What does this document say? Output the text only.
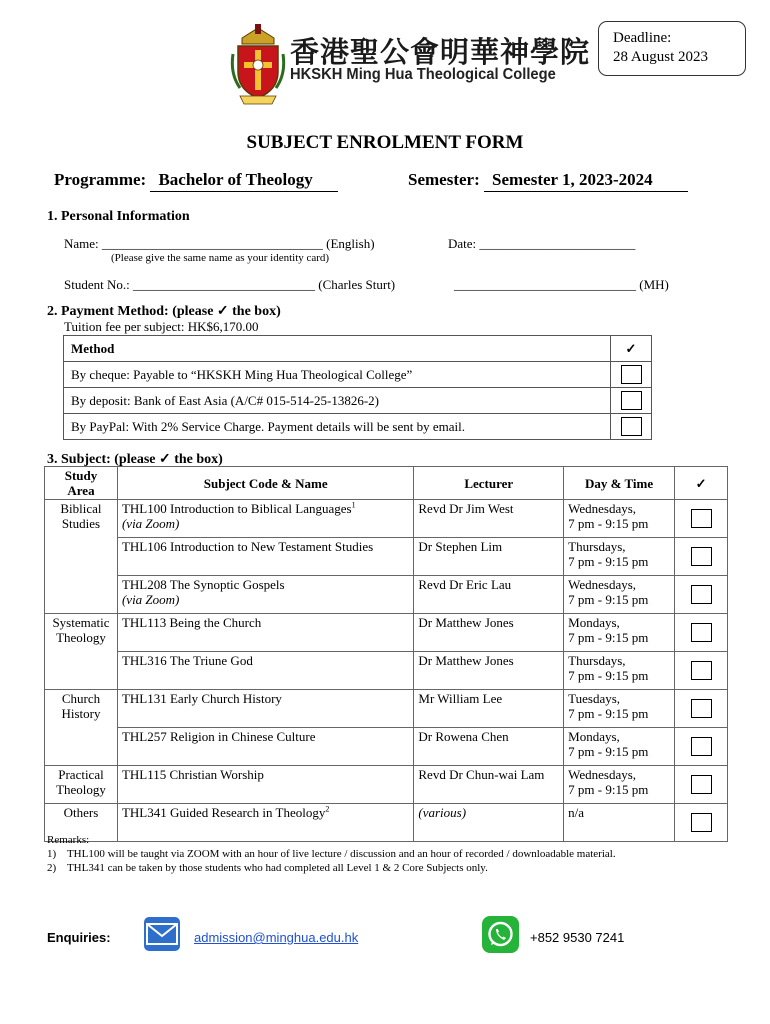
香港聖公會明華神學院
HKSKH Ming Hua Theological College
Deadline:
28 August 2023
SUBJECT ENROLMENT FORM
Programme: Bachelor of Theology	Semester: Semester 1, 2023-2024
1. Personal Information
Name: __________________________________ (English)	Date: ________________________
(Please give the same name as your identity card)
Student No.: ____________________________ (Charles Sturt)	____________________________ (MH)
2. Payment Method: (please ✓ the box)
Tuition fee per subject: HK$6,170.00
Method	✓
By cheque: Payable to “HKSKH Ming Hua Theological College”	
By deposit: Bank of East Asia (A/C# 015-514-25-13826-2)	
By PayPal: With 2% Service Charge. Payment details will be sent by email.	
3. Subject: (please ✓ the box)
Study
Area	Subject Code & Name	Lecturer	Day & Time	✓
Biblical
Studies	THL100 Introduction to Biblical Languages$^1$
(via Zoom)	Revd Dr Jim West	Wednesdays,
7 pm - 9:15 pm	
	THL106 Introduction to New Testament Studies	Dr Stephen Lim	Thursdays,
7 pm - 9:15 pm	
	THL208 The Synoptic Gospels
(via Zoom)	Revd Dr Eric Lau	Wednesdays,
7 pm - 9:15 pm	
Systematic
Theology	THL113 Being the Church	Dr Matthew Jones	Mondays,
7 pm - 9:15 pm	
	THL316 The Triune God	Dr Matthew Jones	Thursdays,
7 pm - 9:15 pm	
Church
History	THL131 Early Church History	Mr William Lee	Tuesdays,
7 pm - 9:15 pm	
	THL257 Religion in Chinese Culture	Dr Rowena Chen	Mondays,
7 pm - 9:15 pm	
Practical
Theology	THL115 Christian Worship	Revd Dr Chun-wai Lam	Wednesdays,
7 pm - 9:15 pm	
Others	THL341 Guided Research in Theology$^2$	(various)	n/a	
Remarks:
1)    THL100 will be taught via ZOOM with an hour of live lecture / discussion and an hour of recorded / downloadable material.
2)    THL341 can be taken by those students who had completed all Level 1 & 2 Core Subjects only.
Enquiries:	admission@minghua.edu.hk	+852 9530 7241
